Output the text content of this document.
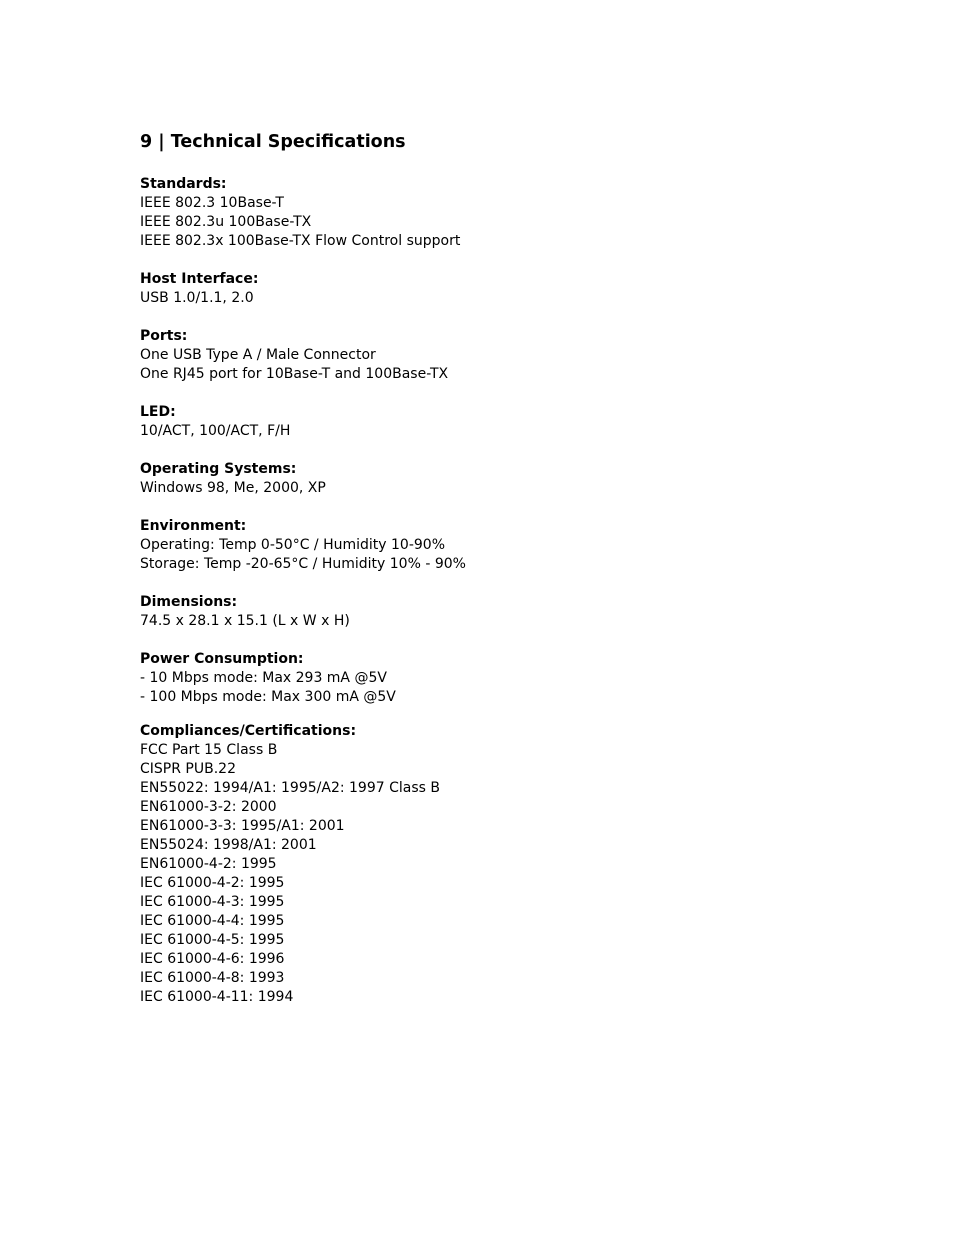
9 | Technical Specifications

Standards:

IEEE 802.3 10Base-T

IEEE 802.3u 100Base-TX

IEEE 802.3x 100Base-TX Flow Control support

Host Interface:

USB 1.0/1.1, 2.0

Ports:

One USB Type A / Male Connector

One RJ45 port for 10Base-T and 100Base-TX

LED:

10/ACT, 100/ACT, F/H

Operating Systems:

Windows 98, Me, 2000, XP

Environment:

Operating: Temp 0-50°C / Humidity 10-90%

Storage: Temp -20-65°C / Humidity 10% - 90%

Dimensions:

74.5 x 28.1 x 15.1 (L x W x H)

Power Consumption:

- 10 Mbps mode: Max 293 mA @5V

- 100 Mbps mode: Max 300 mA @5V

Compliances/Certifications:

FCC Part 15 Class B

CISPR PUB.22

EN55022: 1994/A1: 1995/A2: 1997 Class B

EN61000-3-2: 2000

EN61000-3-3: 1995/A1: 2001

EN55024: 1998/A1: 2001

EN61000-4-2: 1995

IEC 61000-4-2: 1995

IEC 61000-4-3: 1995

IEC 61000-4-4: 1995

IEC 61000-4-5: 1995

IEC 61000-4-6: 1996

IEC 61000-4-8: 1993

IEC 61000-4-11: 1994
